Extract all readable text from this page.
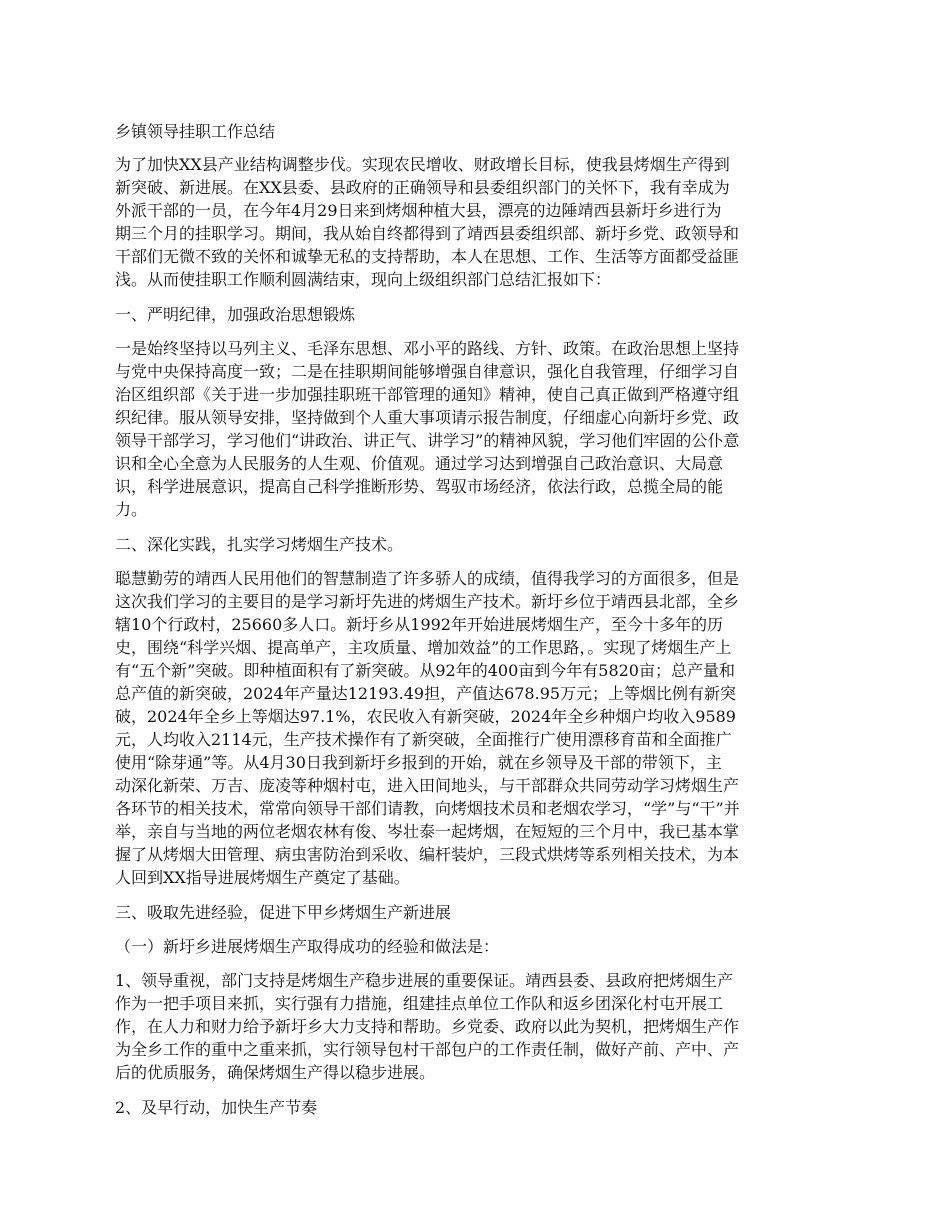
乡镇领导挂职工作总结
为了加快XX县产业结构调整步伐。实现农民增收、财政增长目标，使我县烤烟生产得到
新突破、新进展。在XX县委、县政府的正确领导和县委组织部门的关怀下，我有幸成为
外派干部的一员，在今年4月29日来到烤烟种植大县，漂亮的边陲靖西县新圩乡进行为
期三个月的挂职学习。期间，我从始自终都得到了靖西县委组织部、新圩乡党、政领导和
干部们无微不致的关怀和诚挚无私的支持帮助，本人在思想、工作、生活等方面都受益匪
浅。从而使挂职工作顺利圆满结束，现向上级组织部门总结汇报如下：
一、严明纪律，加强政治思想锻炼
一是始终坚持以马列主义、毛泽东思想、邓小平的路线、方针、政策。在政治思想上坚持
与党中央保持高度一致；二是在挂职期间能够增强自律意识，强化自我管理，仔细学习自
治区组织部《关于进一步加强挂职班干部管理的通知》精神，使自己真正做到严格遵守组
织纪律。服从领导安排，坚持做到个人重大事项请示报告制度，仔细虚心向新圩乡党、政
领导干部学习，学习他们“讲政治、讲正气、讲学习”的精神风貌，学习他们牢固的公仆意
识和全心全意为人民服务的人生观、价值观。通过学习达到增强自己政治意识、大局意
识，科学进展意识，提高自己科学推断形势、驾驭市场经济，依法行政，总揽全局的能
力。
二、深化实践，扎实学习烤烟生产技术。
聪慧勤劳的靖西人民用他们的智慧制造了许多骄人的成绩，值得我学习的方面很多，但是
这次我们学习的主要目的是学习新圩先进的烤烟生产技术。新圩乡位于靖西县北部，全乡
辖10个行政村，25660多人口。新圩乡从1992年开始进展烤烟生产，至今十多年的历
史，围绕“科学兴烟、提高单产，主攻质量、增加效益”的工作思路，。实现了烤烟生产上
有“五个新”突破。即种植面积有了新突破。从92年的400亩到今年有5820亩；总产量和
总产值的新突破，2024年产量达12193.49担，产值达678.95万元；上等烟比例有新突
破，2024年全乡上等烟达97.1%，农民收入有新突破，2024年全乡种烟户均收入9589
元，人均收入2114元，生产技术操作有了新突破，全面推行广使用漂移育苗和全面推广
使用“除芽通”等。从4月30日我到新圩乡报到的开始，就在乡领导及干部的带领下，主
动深化新荣、万吉、庞凌等种烟村屯，进入田间地头，与干部群众共同劳动学习烤烟生产
各环节的相关技术，常常向领导干部们请教，向烤烟技术员和老烟农学习，“学”与“干”并
举，亲自与当地的两位老烟农林有俊、岑壮泰一起烤烟，在短短的三个月中，我已基本掌
握了从烤烟大田管理、病虫害防治到采收、编杆装炉，三段式烘烤等系列相关技术，为本
人回到XX指导进展烤烟生产奠定了基础。
三、吸取先进经验，促进下甲乡烤烟生产新进展
（一）新圩乡进展烤烟生产取得成功的经验和做法是：
1、领导重视，部门支持是烤烟生产稳步进展的重要保证。靖西县委、县政府把烤烟生产
作为一把手项目来抓，实行强有力措施，组建挂点单位工作队和返乡团深化村屯开展工
作，在人力和财力给予新圩乡大力支持和帮助。乡党委、政府以此为契机，把烤烟生产作
为全乡工作的重中之重来抓，实行领导包村干部包户的工作责任制，做好产前、产中、产
后的优质服务，确保烤烟生产得以稳步进展。
2、及早行动，加快生产节奏
